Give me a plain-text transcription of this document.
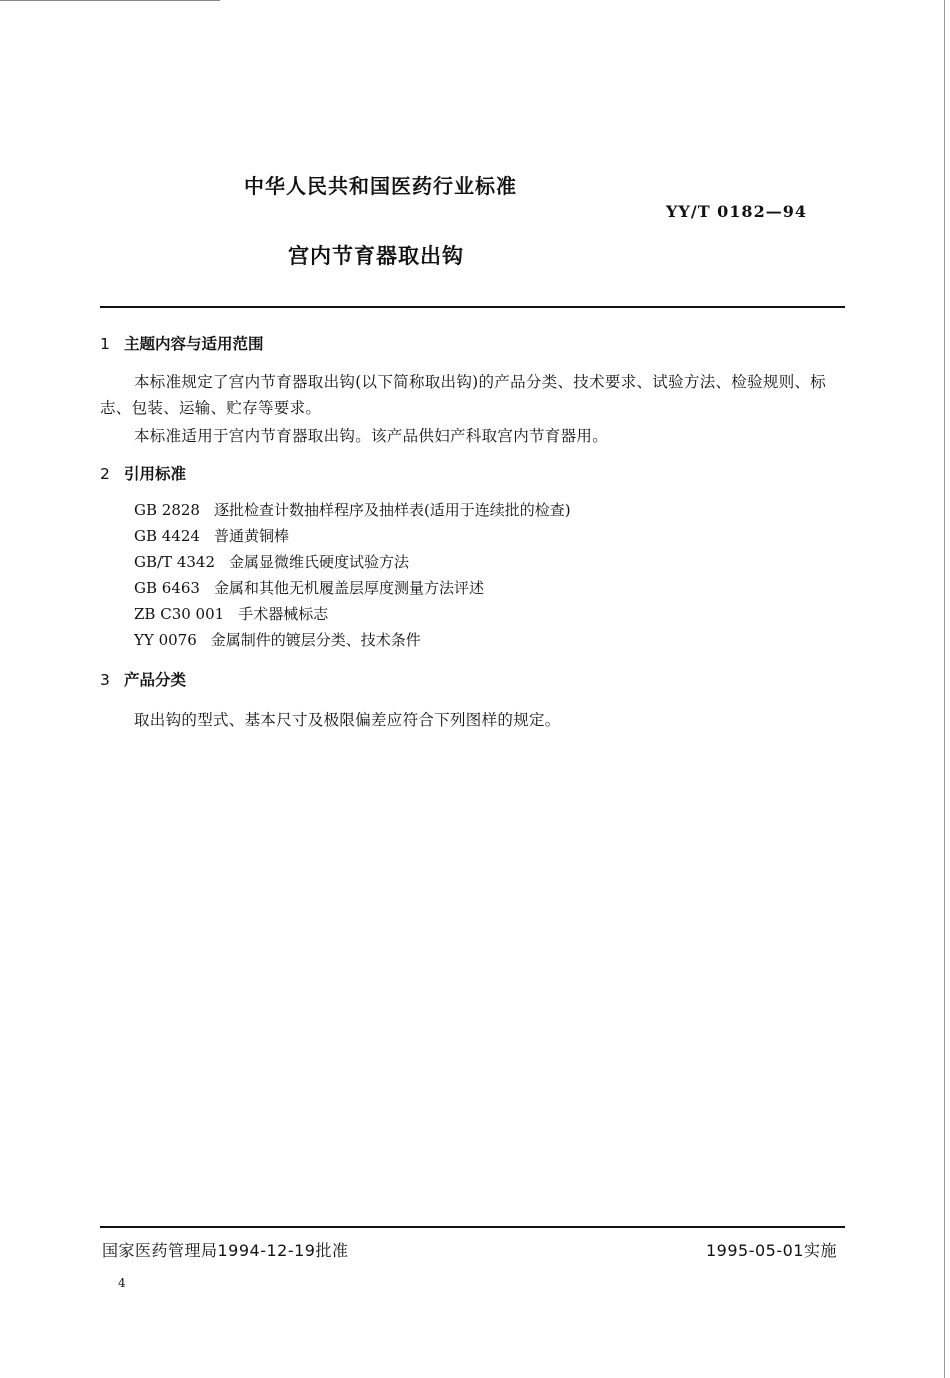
中华人民共和国医药行业标准
YY/T 0182—94
宫内节育器取出钩
1 主题内容与适用范围
本标准规定了宫内节育器取出钩(以下简称取出钩)的产品分类、技术要求、试验方法、检验规则、标
志、包装、运输、贮存等要求。
本标准适用于宫内节育器取出钩。该产品供妇产科取宫内节育器用。
2 引用标准
GB 2828 逐批检查计数抽样程序及抽样表(适用于连续批的检查)
GB 4424 普通黄铜棒
GB/T 4342 金属显微维氏硬度试验方法
GB 6463 金属和其他无机履盖层厚度测量方法评述
ZB C30 001 手术器械标志
YY 0076 金属制件的镀层分类、技术条件
3 产品分类
取出钩的型式、基本尺寸及极限偏差应符合下列图样的规定。
国家医药管理局1994-12-19批准	1995-05-01实施
4
